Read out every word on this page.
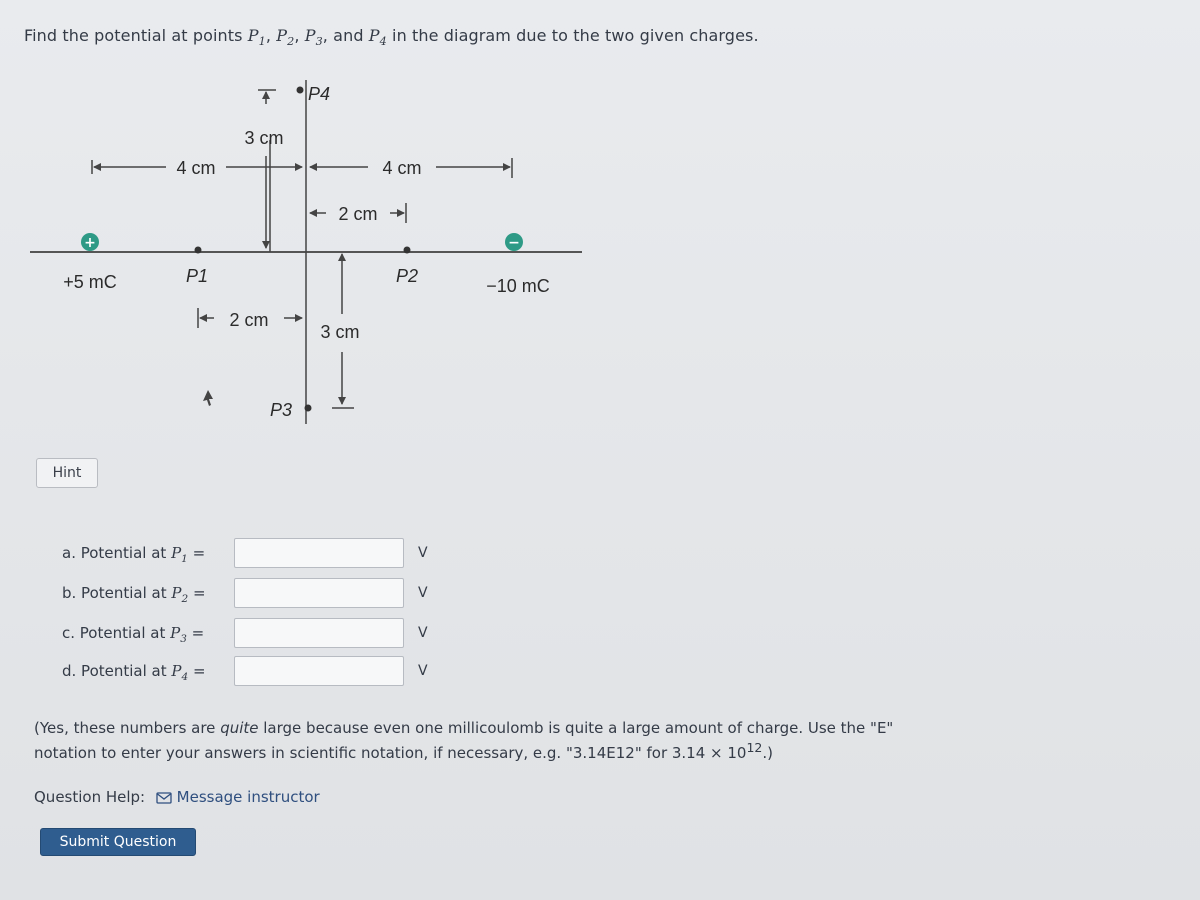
Find the potential at points $P_1$, $P_2$, $P_3$, and $P_4$ in the diagram due to the two given charges.
+	−
+5 mC	−10 mC
P1	P2
P3
P4
3 cm
4 cm	4 cm
2 cm
2 cm
3 cm
Hint
a. Potential at $P_1$ =	V
b. Potential at $P_2$ =	V
c. Potential at $P_3$ =	V
d. Potential at $P_4$ =	V
(Yes, these numbers are quite large because even one millicoulomb is quite a large amount of charge. Use the "E" notation to enter your answers in scientific notation, if necessary, e.g. "3.14E12" for $3.14 \times 10^{12}$.)
Question Help: Message instructor
Submit Question
